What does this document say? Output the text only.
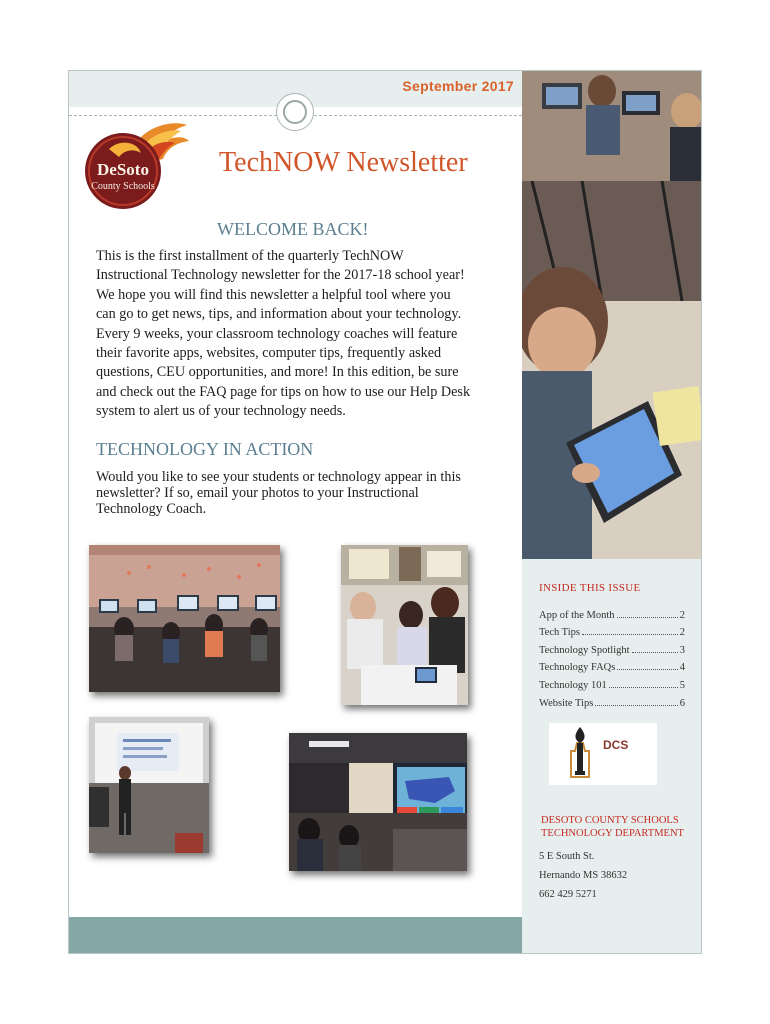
September 2017
DeSoto
County Schools
TechNOW Newsletter
WELCOME BACK!

This is the first installment of the quarterly TechNOW
Instructional Technology newsletter for the 2017-18 school year!
We hope you will find this newsletter a helpful tool where you
can go to get news, tips, and information about your technology.
Every 9 weeks, your classroom technology coaches will feature
their favorite apps, websites, computer tips, frequently asked
questions, CEU opportunities, and more! In this edition, be sure
and check out the FAQ page for tips on how to use our Help Desk
system to alert us of your technology needs.

TECHNOLOGY IN ACTION

Would you like to see your students or technology appear in this
newsletter? If so, email your photos to your Instructional
Technology Coach.

INSIDE THIS ISSUE
App of the Month	2
Tech Tips	2
Technology Spotlight	3
Technology FAQs	4
Technology 101	5
Website Tips	6
DCS
DESOTO COUNTY SCHOOLS
TECHNOLOGY DEPARTMENT
5 E South St.
Hernando MS 38632
662 429 5271
